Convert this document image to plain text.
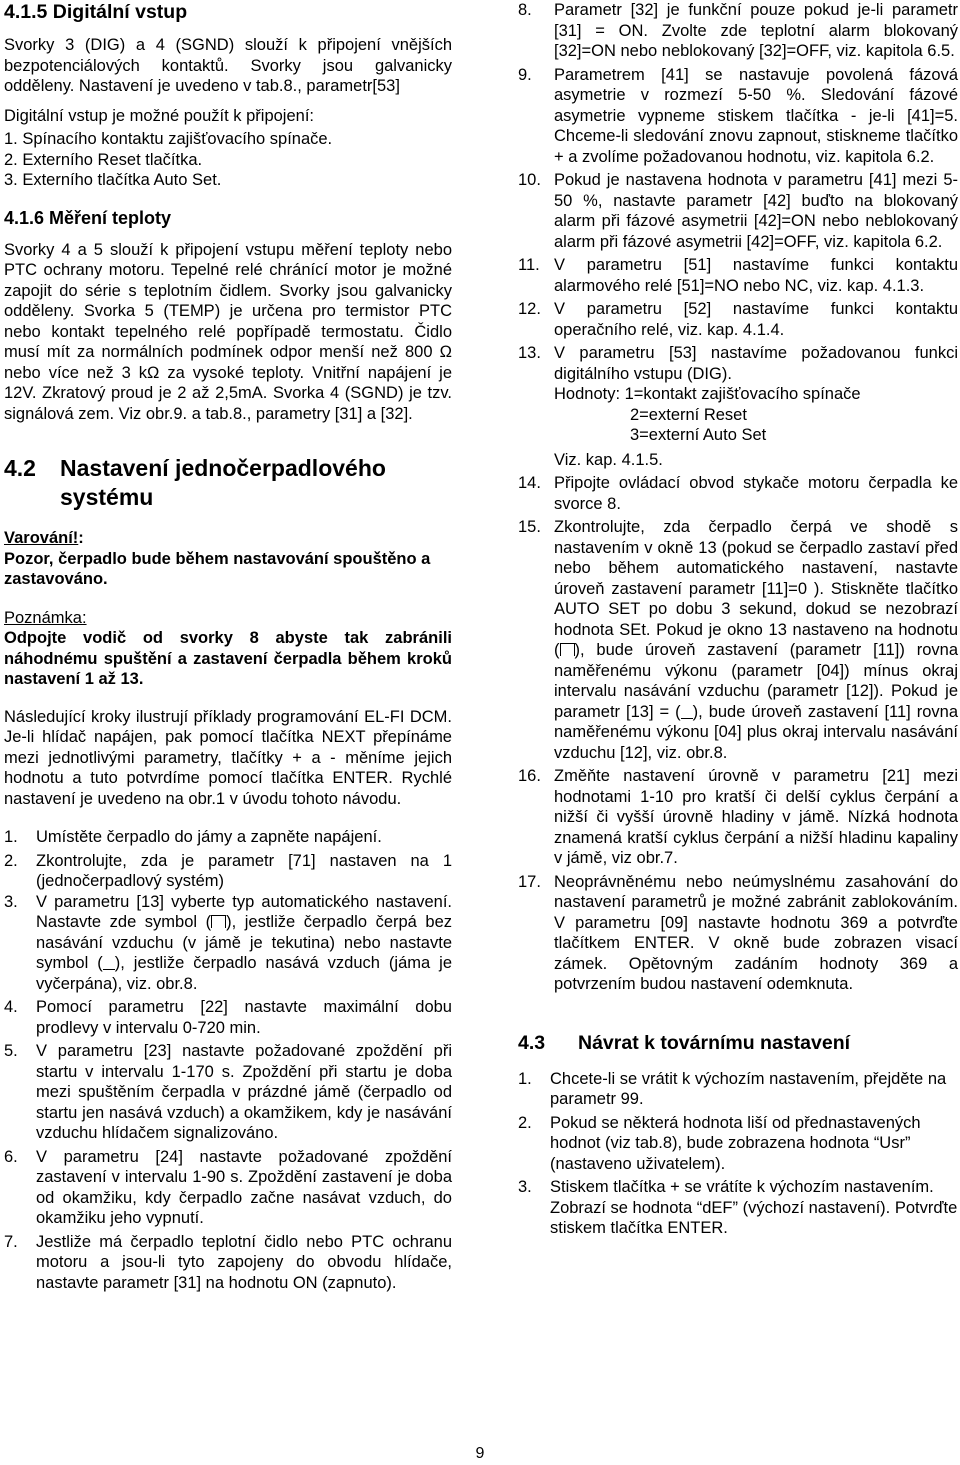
4.1.5 Digitální vstup

Svorky 3 (DIG) a 4 (SGND) slouží k připojení vnějších bezpotenciálových kontaktů. Svorky jsou galvanicky odděleny. Nastavení je uvedeno v tab.8., parametr[53]

Digitální vstup je možné použít k připojení:

1. Spínacího kontaktu zajišťovacího spínače.

2. Externího Reset tlačítka.

3. Externího tlačítka Auto Set.

4.1.6 Měření teploty

Svorky 4 a 5 slouží k připojení vstupu měření teploty nebo PTC ochrany motoru. Tepelné relé chránící motor je možné zapojit do série s teplotním čidlem. Svorky jsou galvanicky odděleny. Svorka 5 (TEMP) je určena pro termistor PTC nebo kontakt tepelného relé popřípadě termostatu. Čidlo musí mít za normálních podmínek odpor menší než 800 Ω nebo více než 3 kΩ za vysoké teploty. Vnitřní napájení je 12V. Zkratový proud je 2 až 2,5mA. Svorka 4 (SGND) je tzv. signálová zem. Viz obr.9. a tab.8., parametry [31] a [32].

4.2 Nastavení jednočerpadlového systému

Varování!:

Pozor, čerpadlo bude během nastavování spouštěno a zastavováno.

Poznámka:

Odpojte vodič od svorky 8 abyste tak zabránili náhodnému spuštění a zastavení čerpadla během kroků nastavení 1 až 13.

Následující kroky ilustrují příklady programování EL-FI DCM. Je-li hlídač napájen, pak pomocí tlačítka NEXT přepínáme mezi jednotlivými parametry, tlačítky + a - měníme jejich hodnotu a tuto potvrdíme pomocí tlačítka ENTER. Rychlé nastavení je uvedeno na obr.1 v úvodu tohoto návodu.

1. Umístěte čerpadlo do jámy a zapněte napájení.
2. Zkontrolujte, zda je parametr [71] nastaven na 1 (jednočerpadlový systém)
3. V parametru [13] vyberte typ automatického nastavení. Nastavte zde symbol ( ), jestliže čerpadlo čerpá bez nasávání vzduchu (v jámě je tekutina) nebo nastavte symbol ( ), jestliže čerpadlo nasává vzduch (jáma je vyčerpána), viz. obr.8.
4. Pomocí parametru [22] nastavte maximální dobu prodlevy v intervalu 0-720 min.
5. V parametru [23] nastavte požadované zpoždění při startu v intervalu 1-170 s. Zpoždění při startu je doba mezi spuštěním čerpadla v prázdné jámě (čerpadlo od startu jen nasává vzduch) a okamžikem, kdy je nasávání vzduchu hlídačem signalizováno.
6. V parametru [24] nastavte požadované zpoždění zastavení v intervalu 1-90 s. Zpoždění zastavení je doba od okamžiku, kdy čerpadlo začne nasávat vzduch, do okamžiku jeho vypnutí.
7. Jestliže má čerpadlo teplotní čidlo nebo PTC ochranu motoru a jsou-li tyto zapojeny do obvodu hlídače, nastavte parametr [31] na hodnotu ON (zapnuto).
8. Parametr [32] je funkční pouze pokud je-li parametr [31] = ON. Zvolte zde teplotní alarm blokovaný [32]=ON nebo neblokovaný [32]=OFF, viz. kapitola 6.5.
9. Parametrem [41] se nastavuje povolená fázová asymetrie v rozmezí 5-50 %. Sledování fázové asymetrie vypneme stiskem tlačítka - je-li [41]=5. Chceme-li sledování znovu zapnout, stiskneme tlačítko + a zvolíme požadovanou hodnotu, viz. kapitola 6.2.
10. Pokud je nastavena hodnota v parametru [41] mezi 5-50 %, nastavte parametr [42] buďto na blokovaný alarm při fázové asymetrii [42]=ON nebo neblokovaný alarm při fázové asymetrii [42]=OFF, viz. kapitola 6.2.
11. V parametru [51] nastavíme funkci kontaktu alarmového relé [51]=NO nebo NC, viz. kap. 4.1.3.
12. V parametru [52] nastavíme funkci kontaktu operačního relé, viz. kap. 4.1.4.
13. V parametru [53] nastavíme požadovanou funkci digitálního vstupu (DIG).

Hodnoty: 1=kontakt zajišťovacího spínače

2=externí Reset

3=externí Auto Set

Viz. kap. 4.1.5.

14. Připojte ovládací obvod stykače motoru čerpadla ke svorce 8.
15. Zkontrolujte, zda čerpadlo čerpá ve shodě s nastavením v okně 13 (pokud se čerpadlo zastaví před nebo během automatického nastavení, nastavte úroveň zastavení parametr [11]=0 ). Stiskněte tlačítko AUTO SET po dobu 3 sekund, dokud se nezobrazí hodnota SEt. Pokud je okno 13 nastaveno na hodnotu ( ), bude úroveň zastavení (parametr [11]) rovna naměřenému výkonu (parametr [04]) mínus okraj intervalu nasávání vzduchu (parametr [12]). Pokud je parametr [13] = ( ), bude úroveň zastavení [11] rovna naměřenému výkonu [04] plus okraj intervalu nasávání vzduchu [12], viz. obr.8.
16. Změňte nastavení úrovně v parametru [21] mezi hodnotami 1-10 pro kratší či delší cyklus čerpání a nižší či vyšší úrovně hladiny v jámě. Nízká hodnota znamená kratší cyklus čerpání a nižší hladinu kapaliny v jámě, viz obr.7.
17. Neoprávněnému nebo neúmyslnému zasahování do nastavení parametrů je možné zabránit zablokováním. V parametru [09] nastavte hodnotu 369 a potvrďte tlačítkem ENTER. V okně bude zobrazen visací zámek. Opětovným zadáním hodnoty 369 a potvrzením budou nastavení odemknuta.
4.3 Návrat k továrnímu nastavení
1. Chcete-li se vrátit k výchozím nastavením, přejděte na parametr 99.
2. Pokud se některá hodnota liší od přednastavených hodnot (viz tab.8), bude zobrazena hodnota “Usr” (nastaveno uživatelem).
3. Stiskem tlačítka + se vrátíte k výchozím nastavením. Zobrazí se hodnota “dEF” (výchozí nastavení). Potvrďte stiskem tlačítka ENTER.
9
